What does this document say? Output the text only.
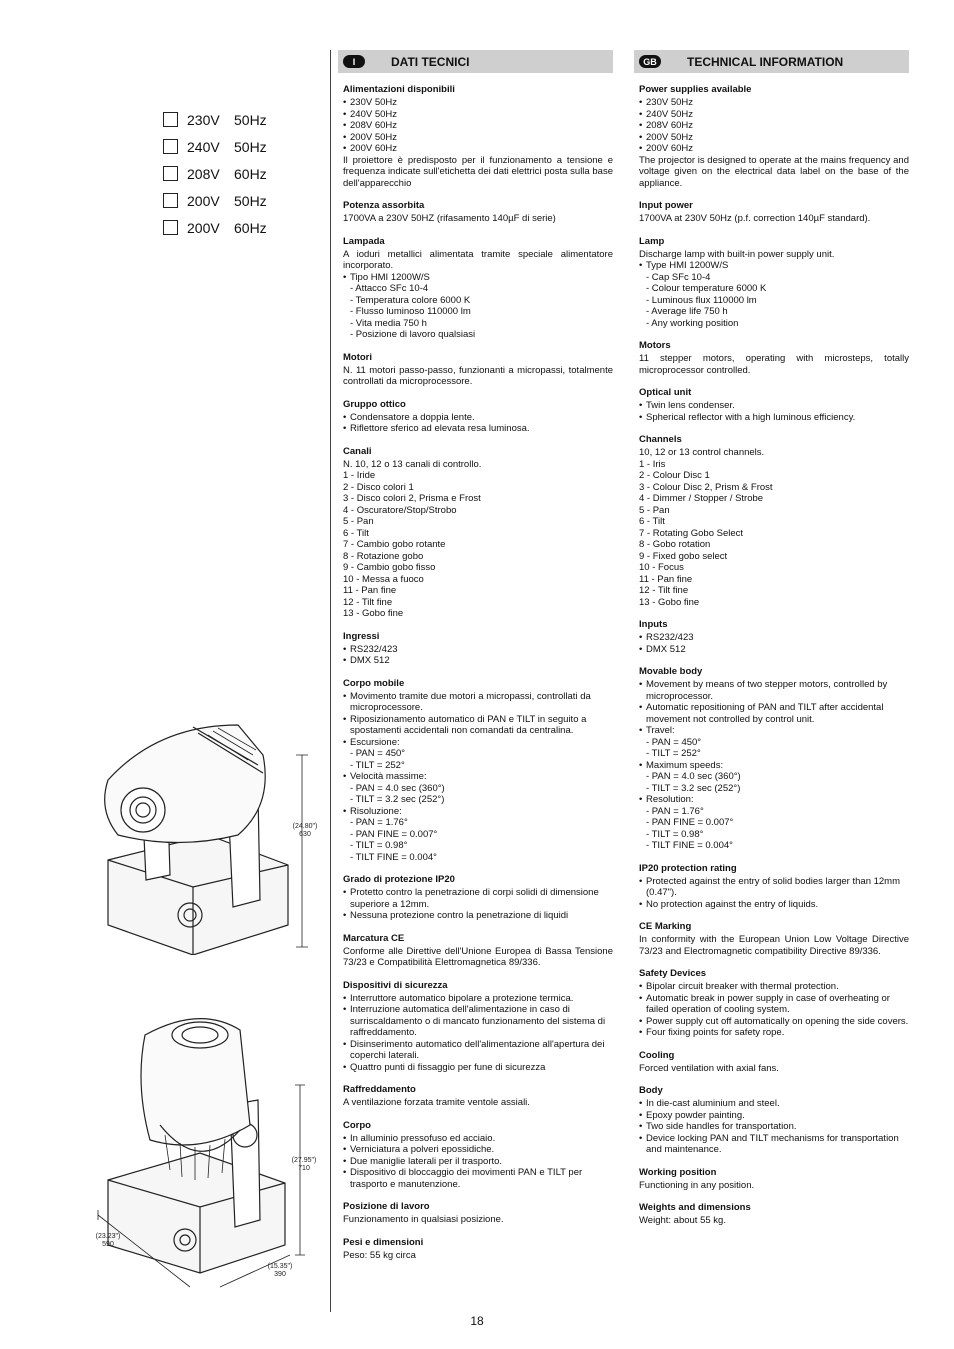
230V	50Hz
240V	50Hz
208V	60Hz
200V	50Hz
200V	60Hz
(24.80")
630
(27.95")
710
(23.23")
590
(15.35")
390
I	DATI TECNICI
Alimentazioni disponibili
• 230V 50Hz
• 240V 50Hz
• 208V 60Hz
• 200V 50Hz
• 200V 60Hz

Il proiettore è predisposto per il funzionamento a tensione e frequenza indicate sull'etichetta dei dati elettrici posta sulla base dell'apparecchio

Potenza assorbita

1700VA a 230V 50HZ (rifasamento 140µF di serie)

Lampada

A ioduri metallici alimentata tramite speciale alimentatore incorporato.

• Tipo HMI 1200W/S
- Attacco SFc 10-4
- Temperatura colore 6000 K
- Flusso luminoso 110000 lm
- Vita media 750 h
- Posizione di lavoro qualsiasi
Motori

N. 11 motori passo-passo, funzionanti a micropassi, totalmente controllati da microprocessore.

Gruppo ottico
• Condensatore a doppia lente.
• Riflettore sferico ad elevata resa luminosa.
Canali
N. 10, 12 o 13 canali di controllo.
1 - Iride
2 - Disco colori 1
3 - Disco colori 2, Prisma e Frost
4 - Oscuratore/Stop/Strobo
5 - Pan
6 - Tilt
7 - Cambio gobo rotante
8 - Rotazione gobo
9 - Cambio gobo fisso
10 - Messa a fuoco
11 - Pan fine
12 - Tilt fine
13 - Gobo fine
Ingressi
• RS232/423
• DMX 512
Corpo mobile
• Movimento tramite due motori a micropassi, controllati da microprocessore.
• Riposizionamento automatico di PAN e TILT in seguito a spostamenti accidentali non comandati da centralina.
• Escursione:
- PAN = 450°
- TILT = 252°
• Velocità massime:
- PAN = 4.0 sec (360°)
- TILT = 3.2 sec (252°)
• Risoluzione:
- PAN = 1.76°
- PAN FINE = 0.007°
- TILT = 0.98°
- TILT FINE = 0.004°
Grado di protezione IP20
• Protetto contro la penetrazione di corpi solidi di dimensione superiore a 12mm.
• Nessuna protezione contro la penetrazione di liquidi
Marcatura CE

Conforme alle Direttive dell'Unione Europea di Bassa Tensione 73/23 e Compatibilità Elettromagnetica 89/336.

Dispositivi di sicurezza
• Interruttore automatico bipolare a protezione termica.
• Interruzione automatica dell'alimentazione in caso di surriscaldamento o di mancato funzionamento del sistema di raffreddamento.
• Disinserimento automatico dell'alimentazione all'apertura dei coperchi laterali.
• Quattro punti di fissaggio per fune di sicurezza
Raffreddamento

A ventilazione forzata tramite ventole assiali.

Corpo
• In alluminio pressofuso ed acciaio.
• Verniciatura a polveri epossidiche.
• Due maniglie laterali per il trasporto.
• Dispositivo di bloccaggio dei movimenti PAN e TILT per trasporto e manutenzione.
Posizione di lavoro

Funzionamento in qualsiasi posizione.

Pesi e dimensioni

Peso: 55 kg circa

GB	TECHNICAL INFORMATION
Power supplies available
• 230V 50Hz
• 240V 50Hz
• 208V 60Hz
• 200V 50Hz
• 200V 60Hz

The projector is designed to operate at the mains frequency and voltage given on the electrical data label on the base of the appliance.

Input power

1700VA at 230V 50Hz (p.f. correction 140µF standard).

Lamp

Discharge lamp with built-in power supply unit.

• Type HMI 1200W/S
- Cap SFc 10-4
- Colour temperature 6000 K
- Luminous flux 110000 lm
- Average life 750 h
- Any working position
Motors

11 stepper motors, operating with microsteps, totally microprocessor controlled.

Optical unit
• Twin lens condenser.
• Spherical reflector with a high luminous efficiency.
Channels
10, 12 or 13 control channels.
1 - Iris
2 - Colour Disc 1
3 - Colour Disc 2, Prism & Frost
4 - Dimmer / Stopper / Strobe
5 - Pan
6 - Tilt
7 - Rotating Gobo Select
8 - Gobo rotation
9 - Fixed gobo select
10 - Focus
11 - Pan fine
12 - Tilt fine
13 - Gobo fine
Inputs
• RS232/423
• DMX 512
Movable body
• Movement by means of two stepper motors, controlled by microprocessor.
• Automatic repositioning of PAN and TILT after accidental movement not controlled by control unit.
• Travel:
- PAN = 450°
- TILT = 252°
• Maximum speeds:
- PAN = 4.0 sec (360°)
- TILT = 3.2 sec (252°)
• Resolution:
- PAN = 1.76°
- PAN FINE = 0.007°
- TILT = 0.98°
- TILT FINE = 0.004°
IP20 protection rating
• Protected against the entry of solid bodies larger than 12mm (0.47").
• No protection against the entry of liquids.
CE Marking

In conformity with the European Union Low Voltage Directive 73/23 and Electromagnetic compatibility Directive 89/336.

Safety Devices
• Bipolar circuit breaker with thermal protection.
• Automatic break in power supply in case of overheating or failed operation of cooling system.
• Power supply cut off automatically on opening the side covers.
• Four fixing points for safety rope.
Cooling

Forced ventilation with axial fans.

Body
• In die-cast aluminium and steel.
• Epoxy powder painting.
• Two side handles for transportation.
• Device locking PAN and TILT mechanisms for transportation and maintenance.
Working position

Functioning in any position.

Weights and dimensions

Weight: about 55 kg.

18
